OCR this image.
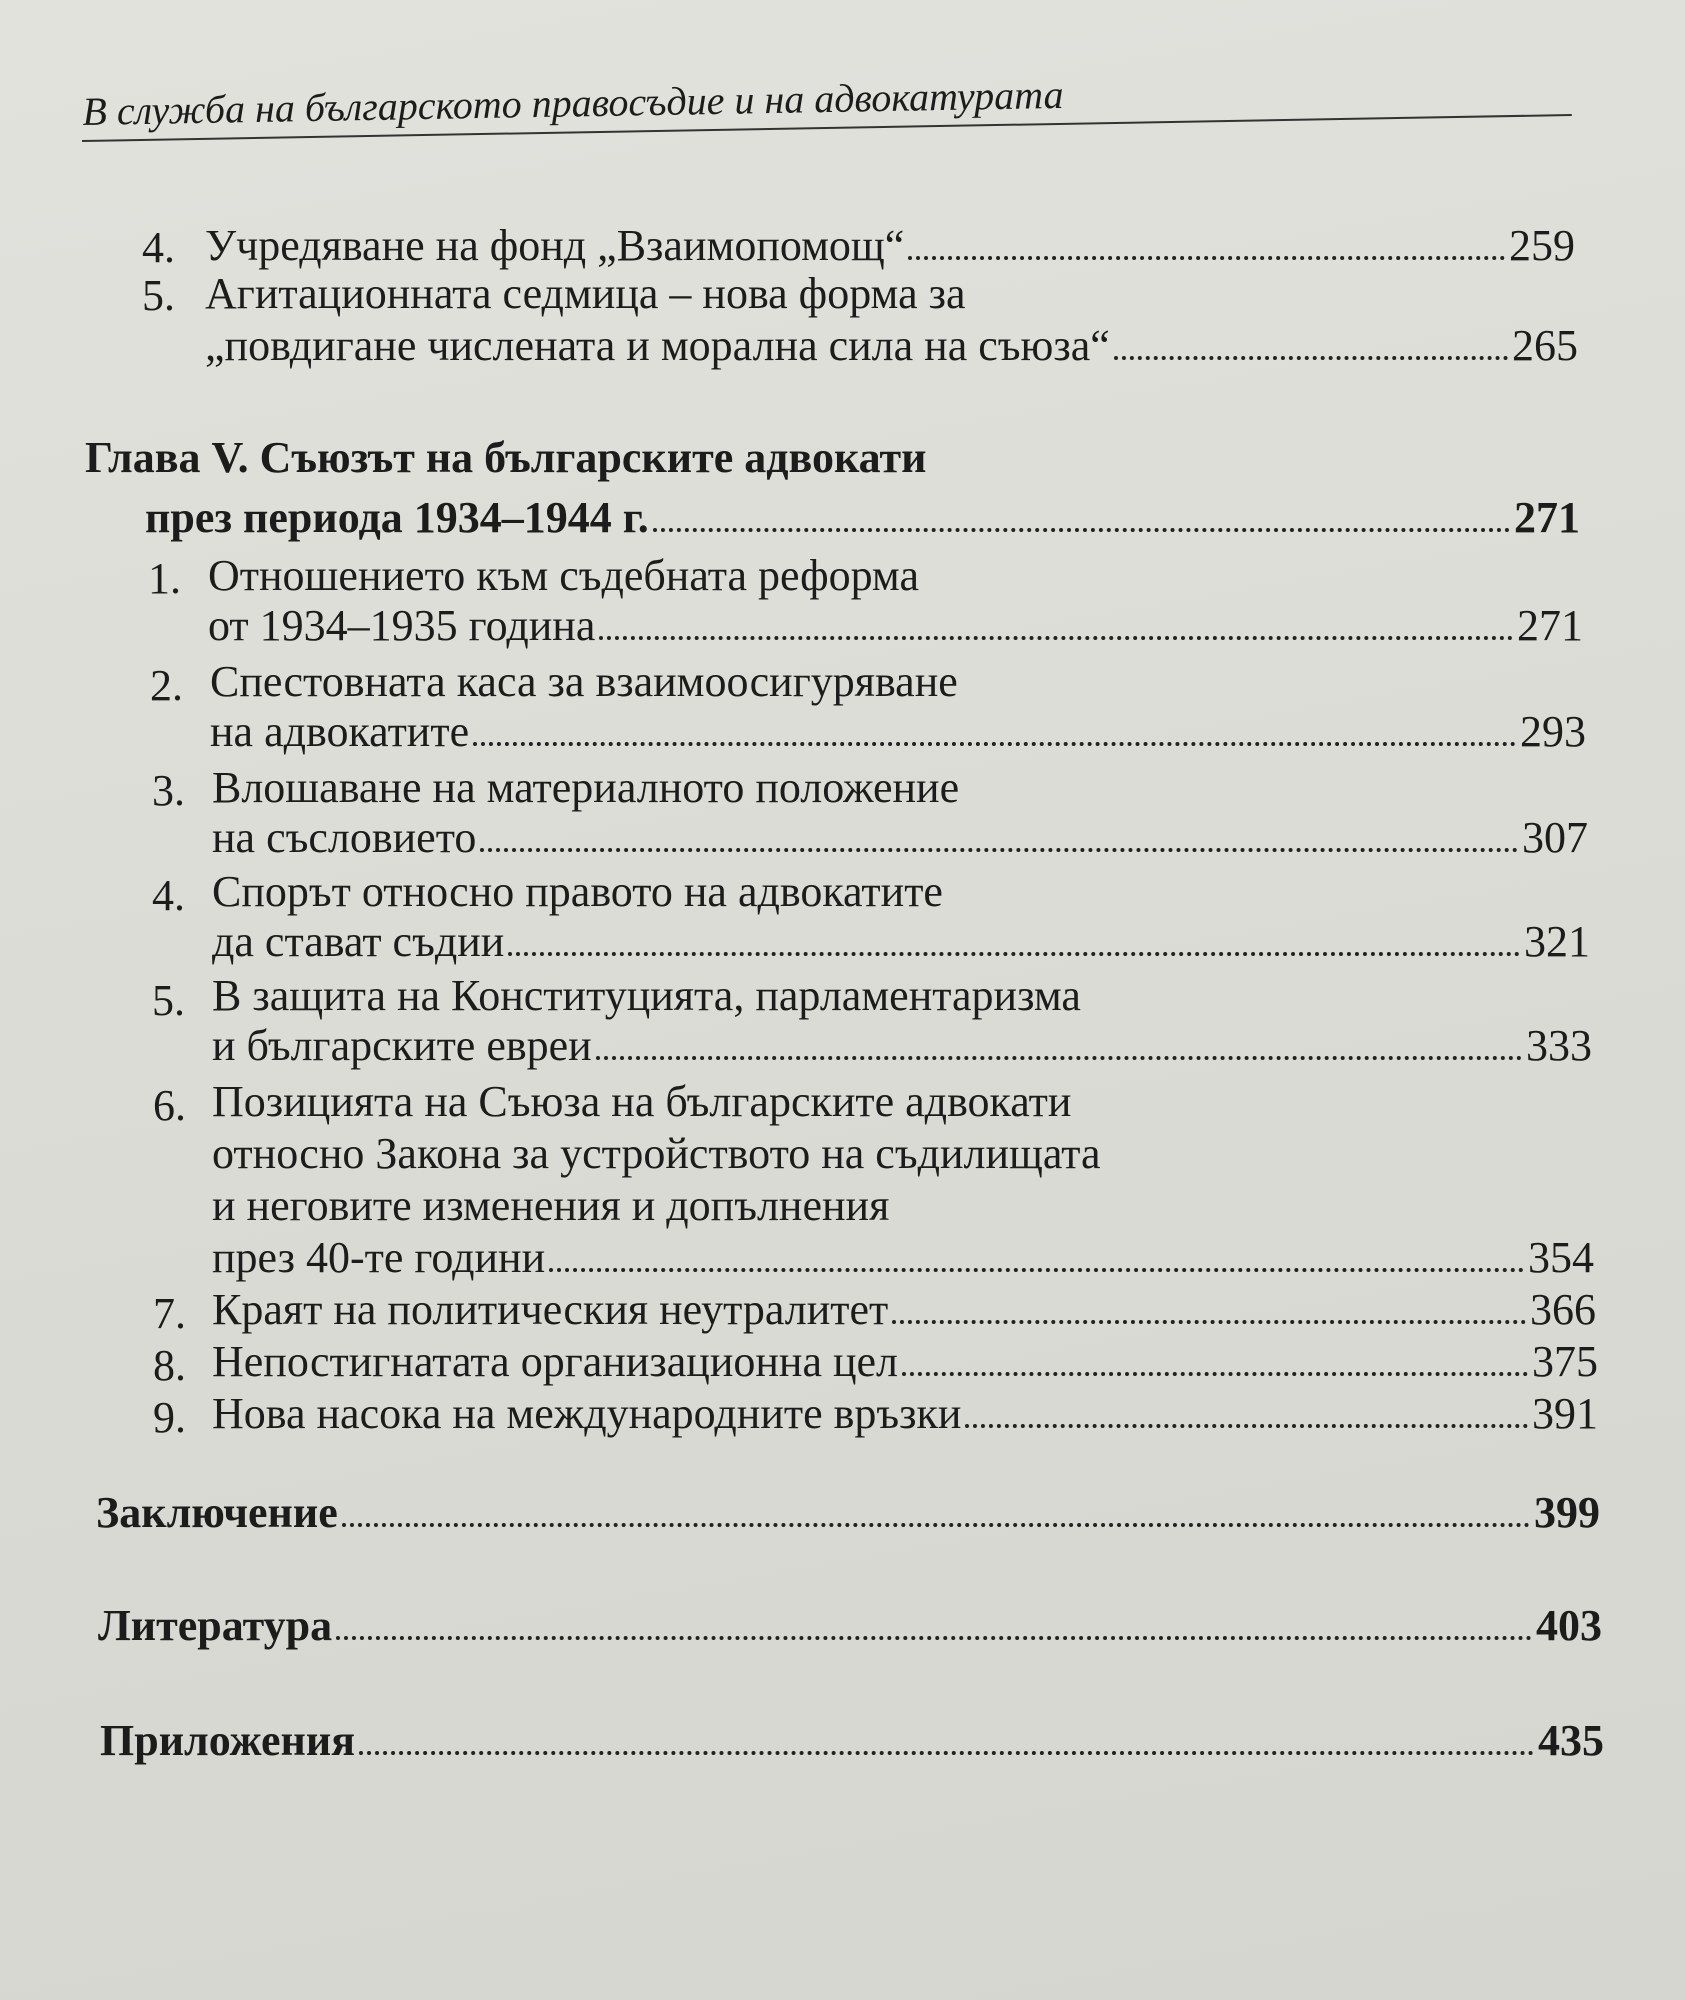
В служба на българското правосъдие и на адвокатурата
4. Учредяване на фонд „Взаимопомощ“	259
5. Агитационната седмица – нова форма за
„повдигане числената и морална сила на съюза“	265
Глава V. Съюзът на българските адвокати
през периода 1934–1944 г.	271
1. Отношението към съдебната реформа
от 1934–1935 година	271
2. Спестовната каса за взаимоосигуряване
на адвокатите	293
3. Влошаване на материалното положение
на съсловието	307
4. Спорът относно правото на адвокатите
да стават съдии	321
5. В защита на Конституцията, парламентаризма
и българските евреи	333
6. Позицията на Съюза на българските адвокати
относно Закона за устройството на съдилищата
и неговите изменения и допълнения
през 40-те години	354
7. Краят на политическия неутралитет	366
8. Непостигнатата организационна цел	375
9. Нова насока на международните връзки	391
Заключение	399
Литература	403
Приложения	435
